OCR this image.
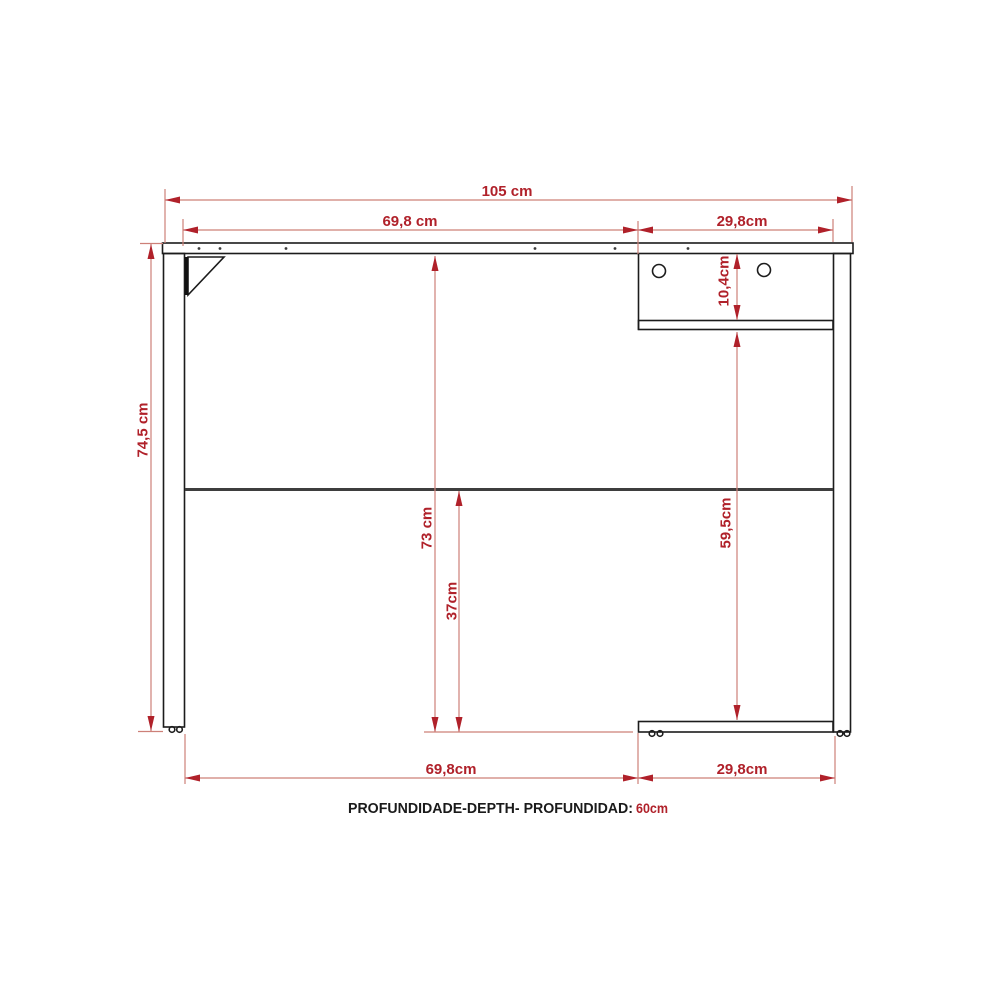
105 cm
69,8 cm	29,8cm
74,5 cm
73 cm
37cm
10,4cm
59,5cm
69,8cm	29,8cm
PROFUNDIDADE-DEPTH- PROFUNDIDAD: 60cm
